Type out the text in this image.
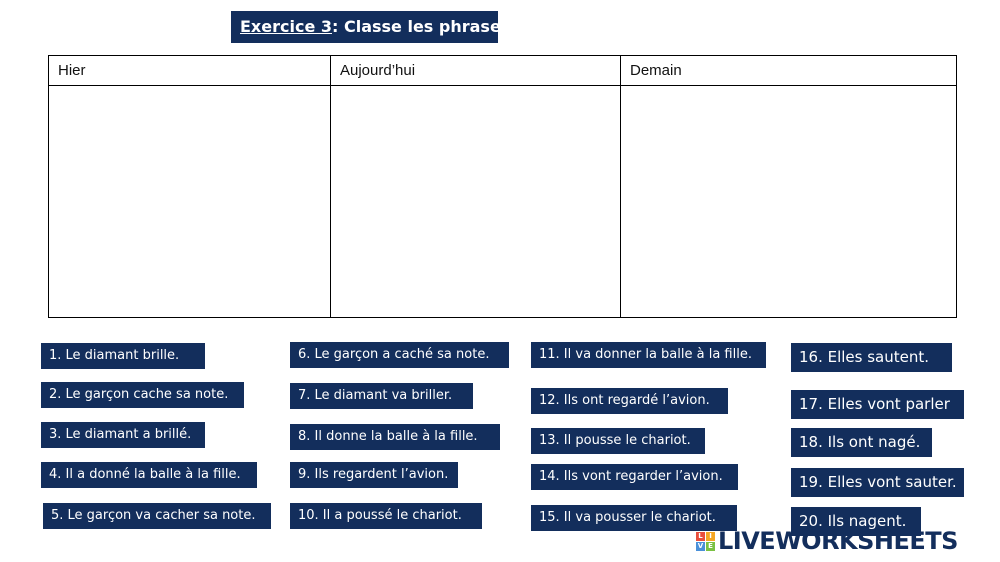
Exercice 3: Classe les phrases
Hier	Aujourd’hui	Demain
1. Le diamant brille.
2. Le garçon cache sa note.
3. Le diamant a brillé.
4. Il a donné la balle à la fille.
5. Le garçon va cacher sa note.
6. Le garçon a caché sa note.
7. Le diamant va briller.
8. Il donne la balle à la fille.
9. Ils regardent l’avion.
10. Il a poussé le chariot.
11. Il va donner la balle à la fille.
12. Ils ont regardé l’avion.
13. Il pousse le chariot.
14. Ils vont regarder l’avion.
15. Il va pousser le chariot.
16. Elles sautent.
17. Elles vont parler
18. Ils ont nagé.
19. Elles vont sauter.
20. Ils nagent.
L I
V E LIVEWORKSHEETS
